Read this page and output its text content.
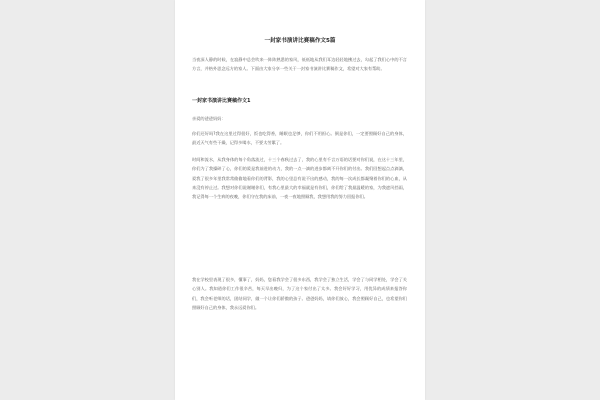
一封家书演讲比赛稿作文5篇
当夜深人静的时候，在寂静中总会吹来一阵阵熟悉的家风，低低地从我们耳边轻轻地拂过去，勾起了我们心中的不言方言，并格外思念远方的家人。下面由大家分享一些关于一封家书演讲比赛稿作文，希望对大家有帮助。
一封家书演讲比赛稿作文1
亲爱的爸爸妈妈：
你们还好吗?我在这里过得很好，饭也吃得香，睡眠也足够，你们不用担心。倒是你们，一定要照顾好自己的身体，最近天气有些干燥，记得多喝水，不要太劳累了。
时间和流水，从我身体的每个角落流过，十三个春秋过去了，我的心里有千言万语的话要对你们说，在这十三年里，你们为了我操碎了心，你们的爱是我前进的动力，我的一点一滴的进步都离不开你们的付出。我们回想起点点滴滴，爱我了很多年里我常常偷偷地看你们的背影，我的心里总有说不出的感动，我的每一次成长都凝聚着你们的心血，从来没有停止过。我想对你们说谢谢你们，有我心里最大的幸福就是有你们，你们给了我最温暖的家，为我遮风挡雨，我记得每一个生病的夜晚，你们守在我的床前，一夜一夜地照顾我，我想用我的努力回报你们。
我在学校里表现了很多，懂事了，妈妈，您看我学会了很多东西，我学会了独立生活，学会了与同学相处，学会了关心别人。我知道你们工作很辛苦，每天早出晚归，为了这个家付出了太多。我会好好学习，用优异的成绩来报答你们，我会听老师的话，团结同学，做一个让你们骄傲的孩子。爸爸妈妈，请你们放心，我会照顾好自己，也希望你们照顾好自己的身体，我永远爱你们。
